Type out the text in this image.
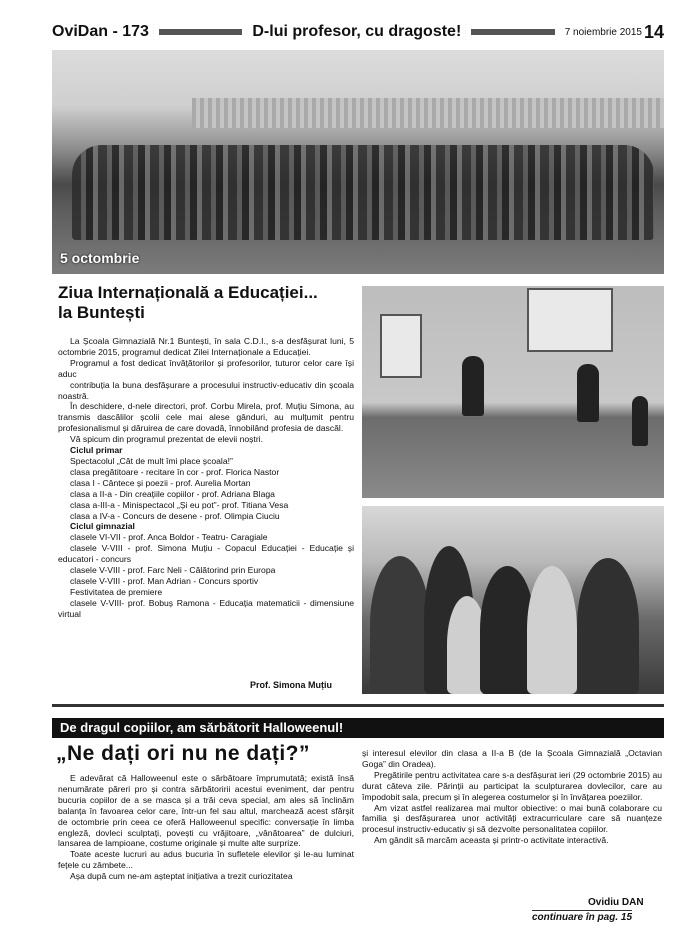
OviDan - 173	D-lui profesor, cu dragoste!	7 noiembrie 2015 14
5 octombrie
Ziua Internațională a Educației...
la Buntești

La Școala Gimnazială Nr.1 Buntești, în sala C.D.I., s-a desfășurat luni, 5 octombrie 2015, programul dedicat Zilei Internaționale a Educației.

Programul a fost dedicat învățătorilor și profesorilor, tuturor celor care își aduc

contribuția la buna desfășurare a procesului instructiv-educativ din școala noastră.

În deschidere, d-nele directori, prof. Corbu Mirela, prof. Muțiu Simona, au transmis dascălilor școlii cele mai alese gânduri, au mulțumit pentru profesionalismul și dăruirea de care dovadă, înnobilând profesia de dascăl.

Vă spicum din programul prezentat de elevii noștri.

Ciclul primar

Spectacolul „Cât de mult îmi place școala!”

clasa pregătitoare - recitare în cor - prof. Florica Nastor

clasa I - Cântece și poezii - prof. Aurelia Mortan

clasa a II-a - Din creațiile copiilor - prof. Adriana Blaga

clasa a-III-a - Minispectacol „Și eu pot”- prof. Titiana Vesa

clasa a IV-a - Concurs de desene - prof. Olimpia Ciuciu

Ciclul gimnazial

clasele VI-VII - prof. Anca Boldor - Teatru- Caragiale

clasele V-VIII - prof. Simona Muțiu - Copacul Educației - Educație și educatori - concurs

clasele V-VIII - prof. Farc Neli - Călătorind prin Europa

clasele V-VIII - prof. Man Adrian - Concurs sportiv

Festivitatea de premiere

clasele V-VIII- prof. Bobuș Ramona - Educația matematicii - dimensiune virtual

Prof. Simona Muțiu
De dragul copiilor, am sărbătorit Halloweenul!
„Ne dați ori nu ne dați?”

E adevărat că Halloweenul este o sărbătoare împrumutată; există însă nenumărate păreri pro și contra sărbătoririi acestui eveniment, dar pentru bucuria copiilor de a se masca și a trăi ceva special, am ales să înclinăm balanța în favoarea celor care, într-un fel sau altul, marchează acest sfârșit de octombrie prin ceea ce oferă Halloweenul specific: conversație în limba engleză, dovleci sculptați, povești cu vrăjitoare, „vânătoarea” de dulciuri, lansarea de lampioane, costume originale și multe alte surprize.

Toate aceste lucruri au adus bucuria în sufletele elevilor și le-au luminat fețele cu zâmbete...

Așa după cum ne-am așteptat inițiativa a trezit curiozitatea

și interesul elevilor din clasa a II-a B (de la Școala Gimnazială „Octavian Goga” din Oradea).

Pregătirile pentru activitatea care s-a desfășurat ieri (29 octombrie 2015) au durat câteva zile. Părinții au participat la sculpturarea dovlecilor, care au împodobit sala, precum și în alegerea costumelor și în învățarea poeziilor.

Am vizat astfel realizarea mai multor obiective: o mai bună colaborare cu familia și desfășurarea unor activități extracurriculare care să nuanțeze procesul instructiv-educativ și să dezvolte personalitatea copiilor.

Am gândit să marcăm aceasta și printr-o activitate interactivă.

Ovidiu DAN
continuare în pag. 15
